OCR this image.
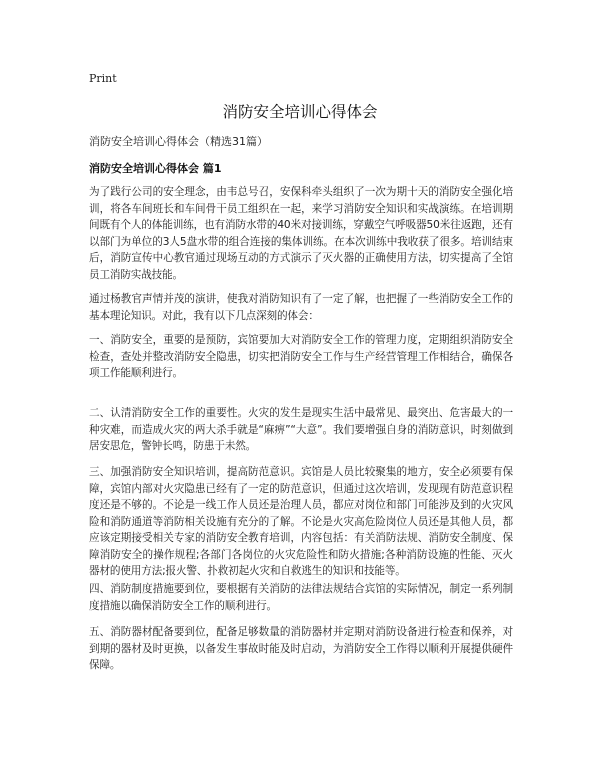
Print
消防安全培训心得体会
消防安全培训心得体会（精选31篇）
消防安全培训心得体会 篇1
为了践行公司的安全理念，由韦总号召，安保科牵头组织了一次为期十天的消防安全强化培训，将各车间班长和车间骨干员工组织在一起，来学习消防安全知识和实战演练。在培训期间既有个人的体能训练，也有消防水带的40米对接训练，穿戴空气呼吸器50米往返跑，还有以部门为单位的3人5盘水带的组合连接的集体训练。在本次训练中我收获了很多。培训结束后，消防宣传中心教官通过现场互动的方式演示了灭火器的正确使用方法，切实提高了全馆员工消防实战技能。
通过杨教官声情并茂的演讲，使我对消防知识有了一定了解，也把握了一些消防安全工作的基本理论知识。对此，我有以下几点深刻的体会：
一、消防安全，重要的是预防，宾馆要加大对消防安全工作的管理力度，定期组织消防安全检查，查处并整改消防安全隐患，切实把消防安全工作与生产经营管理工作相结合，确保各项工作能顺利进行。
二、认清消防安全工作的重要性。火灾的发生是现实生活中最常见、最突出、危害最大的一种灾难，而造成火灾的两大杀手就是“麻痹”“大意”。我们要增强自身的消防意识，时刻做到居安思危，警钟长鸣，防患于未然。
三、加强消防安全知识培训，提高防范意识。宾馆是人员比较聚集的地方，安全必须要有保障，宾馆内部对火灾隐患已经有了一定的防范意识，但通过这次培训，发现现有防范意识程度还是不够的。不论是一线工作人员还是治理人员，都应对岗位和部门可能涉及到的火灾风险和消防通道等消防相关设施有充分的了解。不论是火灾高危险岗位人员还是其他人员，都应该定期接受相关专家的消防安全教育培训，内容包括：有关消防法规、消防安全制度、保障消防安全的操作规程;各部门各岗位的火灾危险性和防火措施;各种消防设施的性能、灭火器材的使用方法;报火警、扑救初起火灾和自救逃生的知识和技能等。
四、消防制度措施要到位，要根据有关消防的法律法规结合宾馆的实际情况，制定一系列制度措施以确保消防安全工作的顺利进行。
五、消防器材配备要到位，配备足够数量的消防器材并定期对消防设备进行检查和保养，对到期的器材及时更换，以备发生事故时能及时启动，为消防安全工作得以顺利开展提供硬件保障。
